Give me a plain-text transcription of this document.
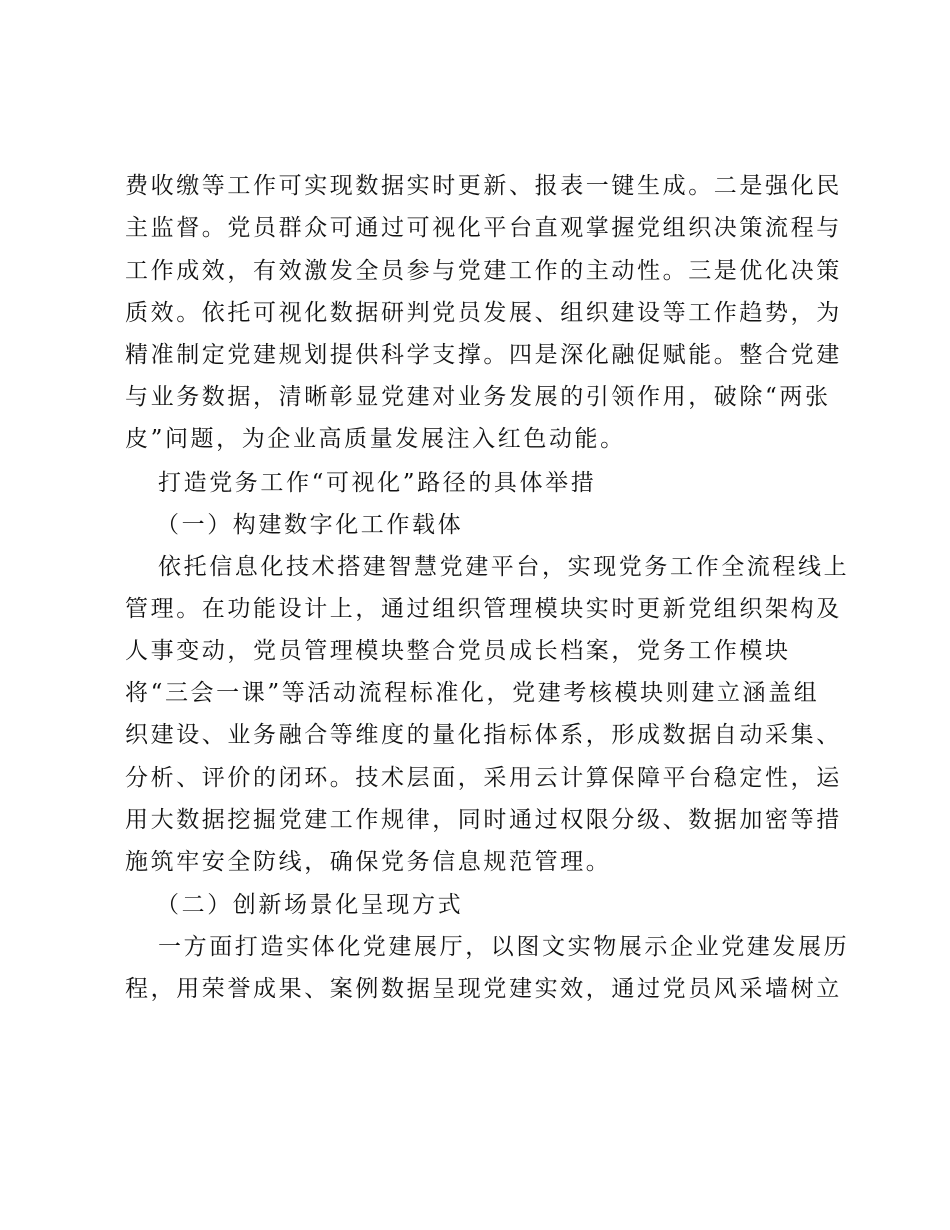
费收缴等工作可实现数据实时更新、报表一键生成。二是强化民
主监督。党员群众可通过可视化平台直观掌握党组织决策流程与
工作成效，有效激发全员参与党建工作的主动性。三是优化决策
质效。依托可视化数据研判党员发展、组织建设等工作趋势，为
精准制定党建规划提供科学支撑。四是深化融促赋能。整合党建
与业务数据，清晰彰显党建对业务发展的引领作用，破除“两张
皮”问题，为企业高质量发展注入红色动能。
打造党务工作“可视化”路径的具体举措
（一）构建数字化工作载体
依托信息化技术搭建智慧党建平台，实现党务工作全流程线上
管理。在功能设计上，通过组织管理模块实时更新党组织架构及
人事变动，党员管理模块整合党员成长档案，党务工作模块
将“三会一课”等活动流程标准化，党建考核模块则建立涵盖组
织建设、业务融合等维度的量化指标体系，形成数据自动采集、
分析、评价的闭环。技术层面，采用云计算保障平台稳定性，运
用大数据挖掘党建工作规律，同时通过权限分级、数据加密等措
施筑牢安全防线，确保党务信息规范管理。
（二）创新场景化呈现方式
一方面打造实体化党建展厅，以图文实物展示企业党建发展历
程，用荣誉成果、案例数据呈现党建实效，通过党员风采墙树立
